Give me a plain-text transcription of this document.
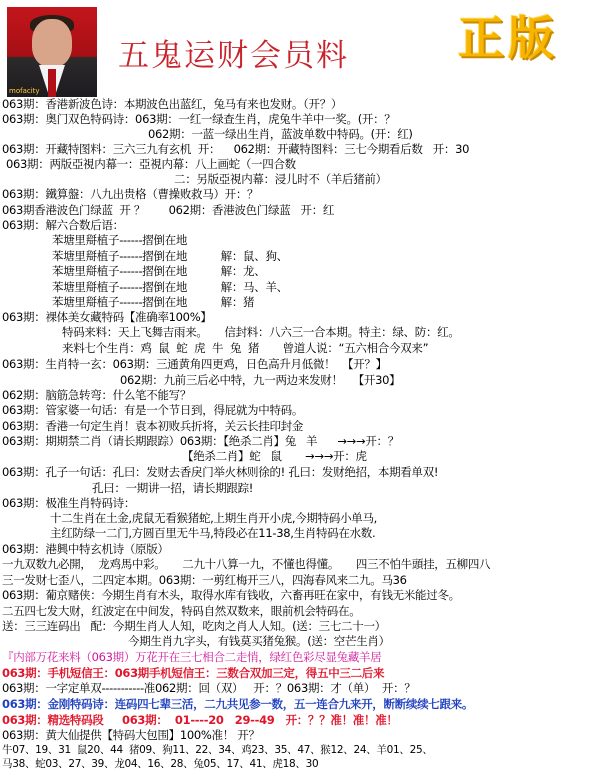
mofacity
五鬼运财会员料 正版
063期：香港新波色诗：本期波色出蓝红，兔马有来也发财。（开？）
063期：奥门双色特码诗：063期：一红一绿查生肖，虎兔牛羊中一奖。(开：？
062期：一蓝一绿出生肖，蓝波单数中特码。(开：红)
063期：开藏特图料：三六三九有玄机  开：    062期：开藏特图料：三七今期看后数   开：30
063期：两版亞視内幕一：亞視内幕：八上画蛇（一四合数
二：另版亞視内幕：浸儿时不（羊后猪前）
063期：鐵算盤：八九出贵格（曹操败救马）开：？
063期香港波色门绿蓝  开 ？       062期：香港波色门绿蓝   开：红
063期：解六合数后语：
苯塘里搿植子------摺倒在地
苯塘里搿植子------摺倒在地          解：鼠、狗、
苯塘里搿植子------摺倒在地          解：龙、
苯塘里搿植子------摺倒在地          解：马、羊、
苯塘里搿植子------摺倒在地          解：猪
063期：裸体美女藏特码【准确率100%】
特码来料：天上飞舞吉雨来。     信封料：八六三一合本期。特主：绿、防：红。
来料七个生肖：鸡  鼠  蛇  虎  牛  兔  猪       曾道人说：“五六相合今双来”
063期：生肖特一玄：063期：三通黄角四更鸡，日色高升月低微！  【开？】
062期：九前三后必中特，九一两边来发财！   【开30】
062期：脑筋急转弯：什么笔不能写？
063期：管家婆一句话：有是一个节日到，得屁就为中特码。
063期：香港一句定生肖！袁本初败兵折将，关云长挂印封金
063期：期期禁二肖（请长期跟踪）063期：【绝杀二肖】兔   羊      →→→开：？
【绝杀二肖】蛇   鼠       →→→开：虎
063期：孔子一句话：孔曰：发财去香戾门举火林则徐的! 孔曰：发财绝招，本期看单双!
孔曰：一期讲一招，请长期跟踪!
063期：极准生肖特码诗：
十二生肖在土金,虎鼠无看猴猪蛇,上期生肖开小虎,今期特码小单马,
主红防绿一二门,方圆百里无牛马,特段必在11-38,生肖特码在水数.
063期：港興中特玄机诗（原版）
一九双数九必開，  龙鸡馬中彩。     二九十八算一九，不懂也得懂。     四三不怕牛頭挂，五柳四八
三一发财七歪八，二四定本期。063期：一剪红梅开三八，四海春风来二九。马36
063期：葡京赌侠：今期生肖有木头，取得水库有钱收，六畜再旺在家中，有钱无米能过冬。
二五四七发大财，红波定在中间发，特码自然双数来，眼前机会特码在。
送：三三连码出   配：今期生肖人人知，吃肉之肖人人知。(送：三七二十一）
今期生肖九字头，有钱莫买猪兔猴。(送：空芒生肖）
『内部万花来料（063期）万花开在三七相合二走悄，绿红色彩尽显兔藏羊居
063期：手机短信王：063期手机短信王：三数合双加三定，得五中三二后来
063期：一字定单双-----------准062期：回（双）   开：？063期：才（单）  开：？
063期：金刚特码诗：连码四七辈三活，二九共见参一数，五一连合九来开，断断续续七跟来。
063期：精选特码段     063期：  01----20   29--49   开：？？准！准！准！
063期：黄大仙提供【特码大包围】100%准！ 开？
牛07、19、31  鼠20、44  猪09、狗11、22、34、鸡23、35、47、猴12、24、羊01、25、
马38、蛇03、27、39、龙04、16、28、兔05、17、41、虎18、30
